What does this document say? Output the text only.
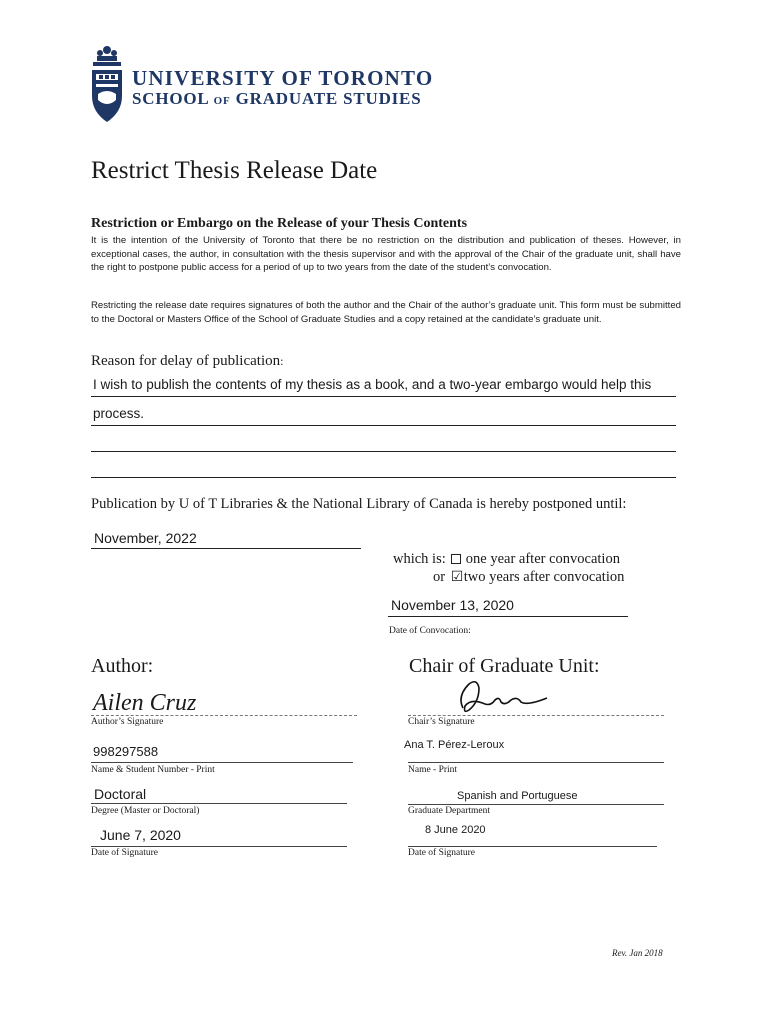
UNIVERSITY OF TORONTO
SCHOOL OF GRADUATE STUDIES
Restrict Thesis Release Date
Restriction or Embargo on the Release of your Thesis Contents
It is the intention of the University of Toronto that there be no restriction on the distribution and publication of theses. However, in exceptional cases, the author, in consultation with the thesis supervisor and with the approval of the Chair of the graduate unit, shall have the right to postpone public access for a period of up to two years from the date of the student’s convocation.
Restricting the release date requires signatures of both the author and the Chair of the author’s graduate unit. This form must be submitted to the Doctoral or Masters Office of the School of Graduate Studies and a copy retained at the candidate’s graduate unit.
Reason for delay of publication:
I wish to publish the contents of my thesis as a book, and a two-year embargo would help this
process.
Publication by U of T Libraries & the National Library of Canada is hereby postponed until:
November, 2022
which is: one year after convocation
or ☑two years after convocation
November 13, 2020
Date of Convocation:
Author:
Ailen Cruz
Author’s Signature
998297588
Name & Student Number - Print
Doctoral
Degree (Master or Doctoral)
June 7, 2020
Date of Signature
Chair of Graduate Unit:
Chair’s Signature
Ana T. Pérez-Leroux
Name - Print
Spanish and Portuguese
Graduate Department
8 June 2020
Date of Signature
Rev. Jan 2018
